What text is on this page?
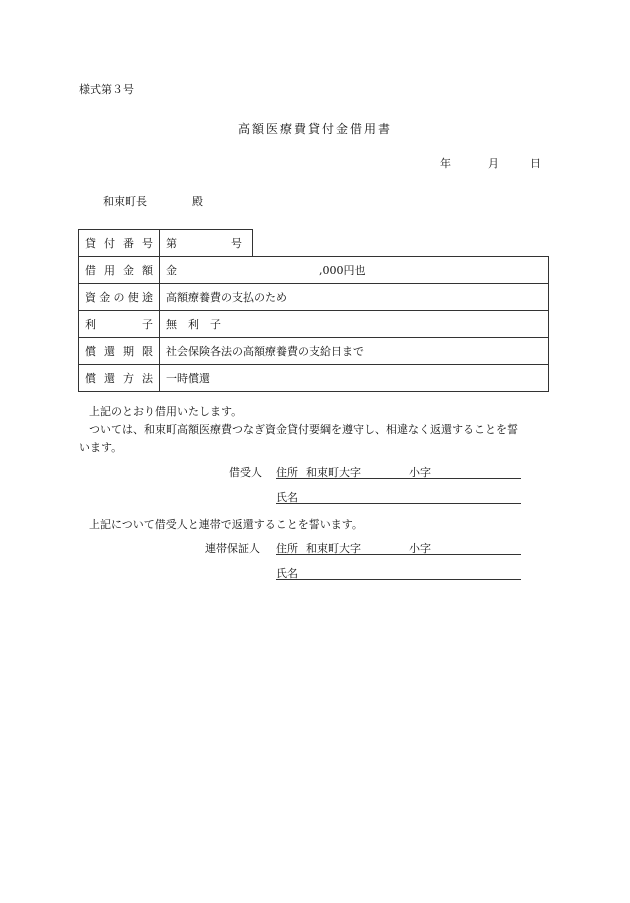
様式第３号
高額医療費貸付金借用書
年	月	日
和束町長	殿
貸付番号	第 号	
借用金額	金 ,000円也	
資金の使途	高額療養費の支払のため	
利子	無　利　子	
償還期限	社会保険各法の高額療養費の支給日まで	
償還方法	一時償還	
上記のとおり借用いたします。
ついては、和束町高額医療費つなぎ資金貸付要綱を遵守し、相違なく返還することを誓
います。
借受人 住所 和束町大字	小字
氏名
上記について借受人と連帯で返還することを誓います。
連帯保証人 住所 和束町大字	小字
氏名
